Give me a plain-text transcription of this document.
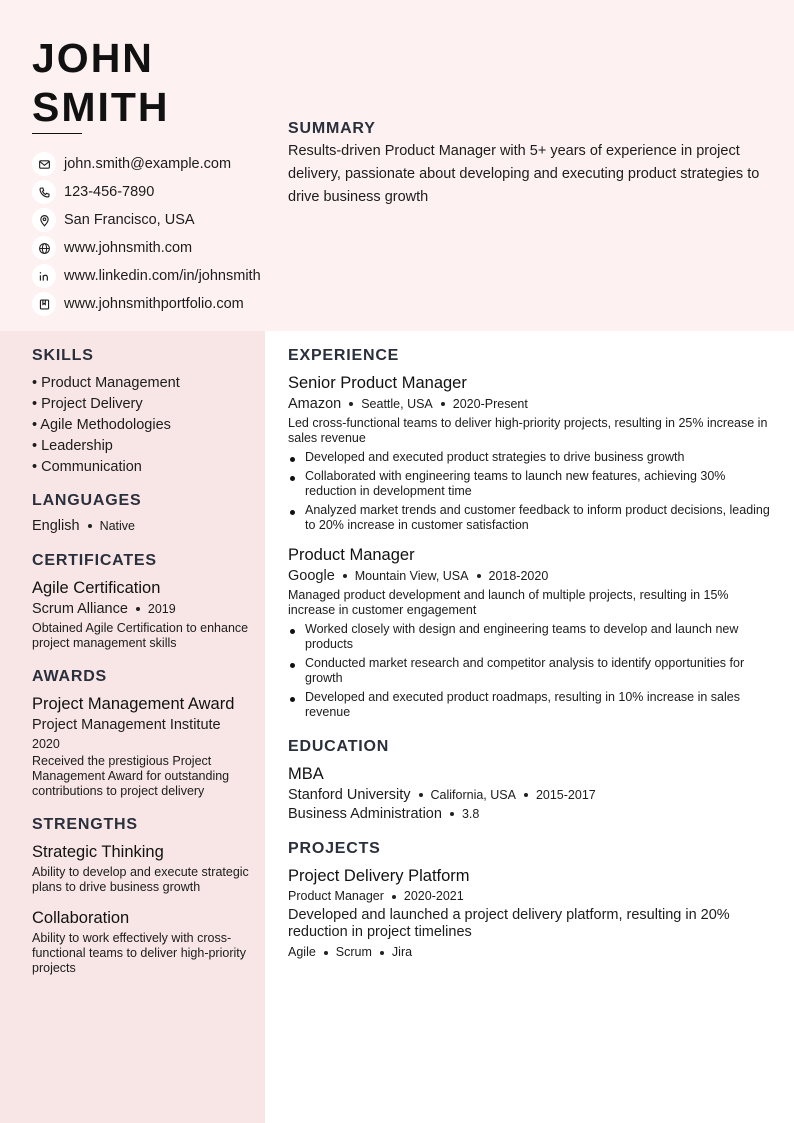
JOHN
SMITH
john.smith@example.com
123-456-7890
San Francisco, USA
www.johnsmith.com
www.linkedin.com/in/johnsmith
www.johnsmithportfolio.com
SUMMARY
Results-driven Product Manager with 5+ years of experience in project delivery, passionate about developing and executing product strategies to drive business growth
SKILLS
• Product Management
• Project Delivery
• Agile Methodologies
• Leadership
• Communication
LANGUAGES
English Native
CERTIFICATES
Agile Certification
Scrum Alliance 2019
Obtained Agile Certification to enhance project management skills
AWARDS
Project Management Award
Project Management Institute
2020
Received the prestigious Project Management Award for outstanding contributions to project delivery
STRENGTHS
Strategic Thinking
Ability to develop and execute strategic plans to drive business growth
Collaboration
Ability to work effectively with cross-functional teams to deliver high-priority projects
EXPERIENCE
Senior Product Manager
Amazon Seattle, USA 2020-Present
Led cross-functional teams to deliver high-priority projects, resulting in 25% increase in sales revenue
Developed and executed product strategies to drive business growth
Collaborated with engineering teams to launch new features, achieving 30% reduction in development time
Analyzed market trends and customer feedback to inform product decisions, leading to 20% increase in customer satisfaction
Product Manager
Google Mountain View, USA 2018-2020
Managed product development and launch of multiple projects, resulting in 15% increase in customer engagement
Worked closely with design and engineering teams to develop and launch new products
Conducted market research and competitor analysis to identify opportunities for growth
Developed and executed product roadmaps, resulting in 10% increase in sales revenue
EDUCATION
MBA
Stanford University California, USA 2015-2017
Business Administration 3.8
PROJECTS
Project Delivery Platform
Product Manager 2020-2021
Developed and launched a project delivery platform, resulting in 20% reduction in project timelines
Agile Scrum Jira
